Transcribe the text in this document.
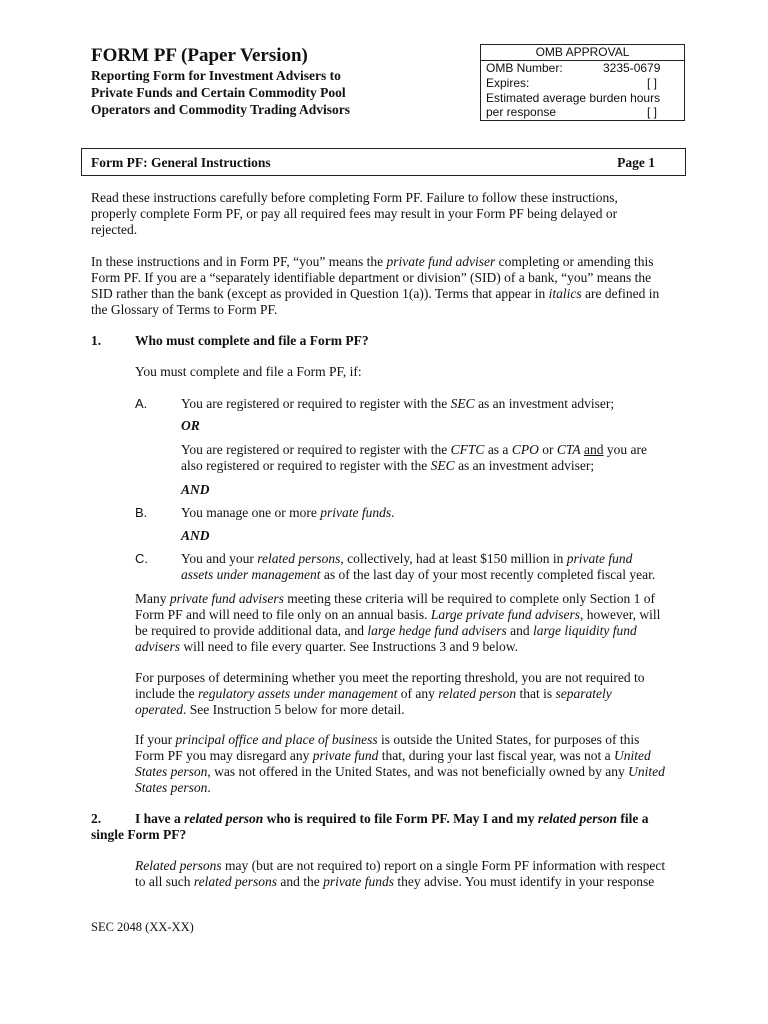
FORM PF (Paper Version)
Reporting Form for Investment Advisers to
Private Funds and Certain Commodity Pool
Operators and Commodity Trading Advisors
OMB APPROVAL
OMB Number:	3235-0679
Expires:	[ ]
Estimated average burden hours
per response	[ ]
Form PF: General Instructions	Page 1
Read these instructions carefully before completing Form PF. Failure to follow these instructions,
properly complete Form PF, or pay all required fees may result in your Form PF being delayed or
rejected.
In these instructions and in Form PF, “you” means the private fund adviser completing or amending this
Form PF. If you are a “separately identifiable department or division” (SID) of a bank, “you” means the
SID rather than the bank (except as provided in Question 1(a)). Terms that appear in italics are defined in
the Glossary of Terms to Form PF.
1.	Who must complete and file a Form PF?
You must complete and file a Form PF, if:
A. You are registered or required to register with the SEC as an investment adviser;
OR
You are registered or required to register with the CFTC as a CPO or CTA and you are
also registered or required to register with the SEC as an investment adviser;
AND
B. You manage one or more private funds.
AND
C. You and your related persons, collectively, had at least $150 million in private fund
assets under management as of the last day of your most recently completed fiscal year.
Many private fund advisers meeting these criteria will be required to complete only Section 1 of
Form PF and will need to file only on an annual basis. Large private fund advisers, however, will
be required to provide additional data, and large hedge fund advisers and large liquidity fund
advisers will need to file every quarter. See Instructions 3 and 9 below.
For purposes of determining whether you meet the reporting threshold, you are not required to
include the regulatory assets under management of any related person that is separately
operated. See Instruction 5 below for more detail.
If your principal office and place of business is outside the United States, for purposes of this
Form PF you may disregard any private fund that, during your last fiscal year, was not a United
States person, was not offered in the United States, and was not beneficially owned by any United
States person.
2.	I have a related person who is required to file Form PF. May I and my related person file a
single Form PF?
Related persons may (but are not required to) report on a single Form PF information with respect
to all such related persons and the private funds they advise. You must identify in your response
SEC 2048 (XX-XX)
